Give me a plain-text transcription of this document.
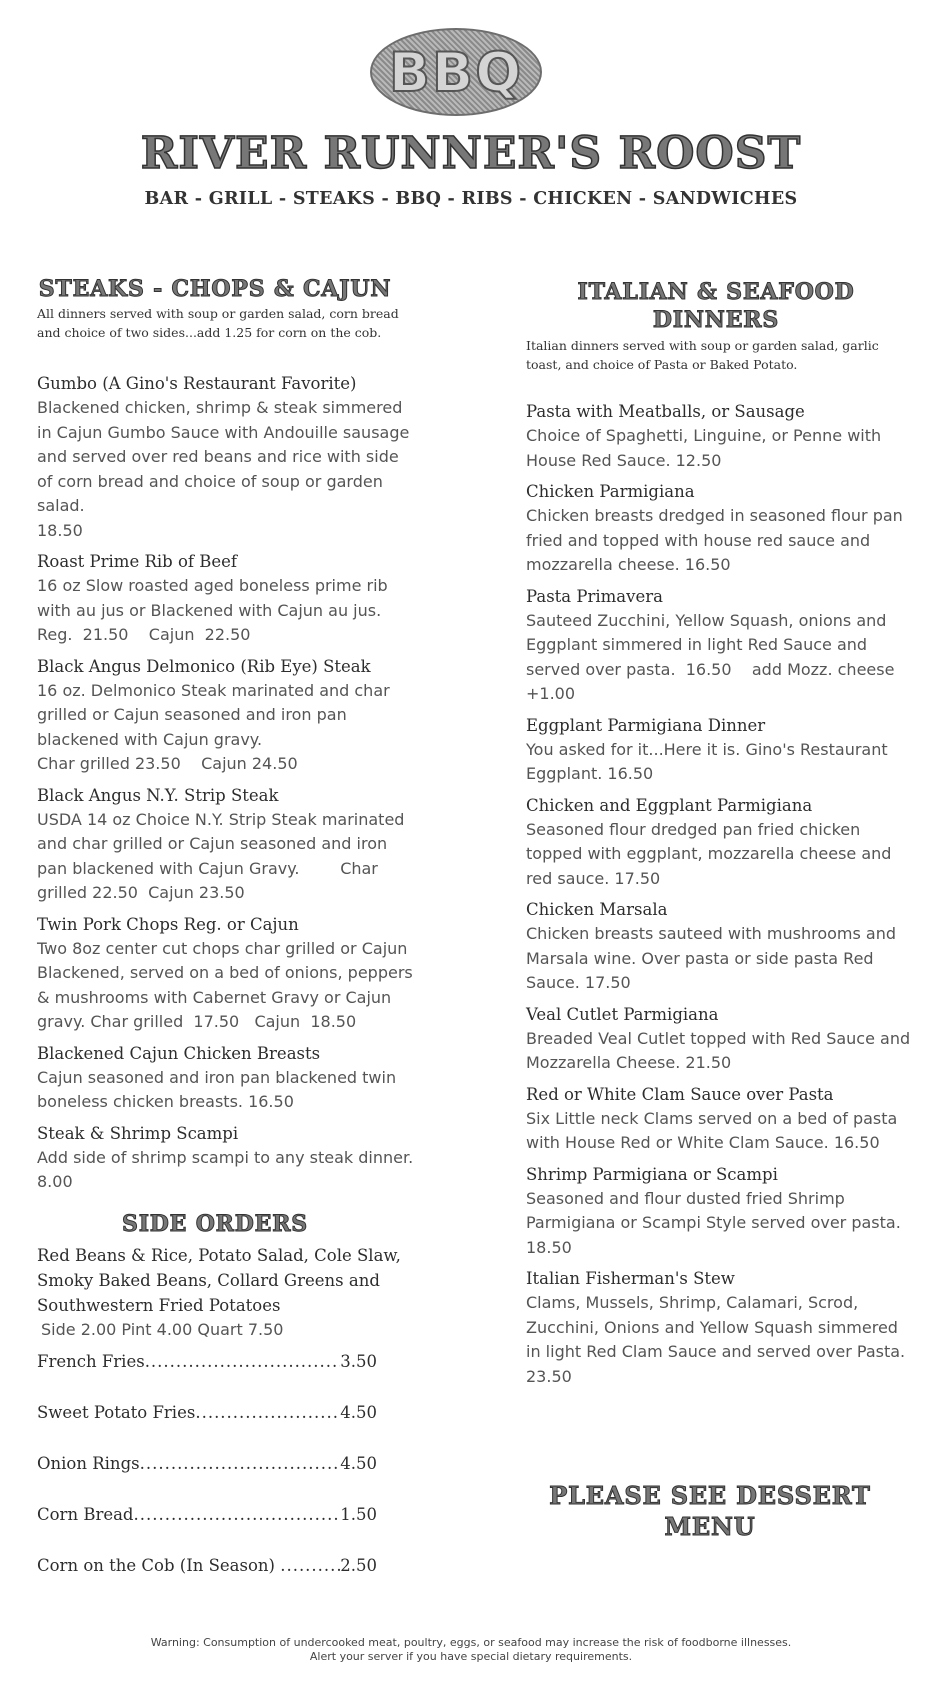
BBQ
RIVER RUNNER'S ROOST
BAR - GRILL - STEAKS - BBQ - RIBS - CHICKEN - SANDWICHES
STEAKS - CHOPS & CAJUN

All dinners served with soup or garden salad, corn bread and choice of two sides...add 1.25 for corn on the cob.

Gumbo (A Gino's Restaurant Favorite)

Blackened chicken, shrimp & steak simmered in Cajun Gumbo Sauce with Andouille sausage and served over red beans and rice with side of corn bread and choice of soup or garden salad.

18.50

Roast Prime Rib of Beef

16 oz Slow roasted aged boneless prime rib with au jus or Blackened with Cajun au jus.

Reg.  21.50    Cajun  22.50

Black Angus Delmonico (Rib Eye) Steak

16 oz. Delmonico Steak marinated and char grilled or Cajun seasoned and iron pan blackened with Cajun gravy.

Char grilled 23.50    Cajun 24.50

Black Angus N.Y. Strip Steak

USDA 14 oz Choice N.Y. Strip Steak marinated and char grilled or Cajun seasoned and iron pan blackened with Cajun Gravy.        Char grilled 22.50  Cajun 23.50

Twin Pork Chops Reg. or Cajun

Two 8oz center cut chops char grilled or Cajun Blackened, served on a bed of onions, peppers & mushrooms with Cabernet Gravy or Cajun gravy. Char grilled  17.50   Cajun  18.50

Blackened Cajun Chicken Breasts

Cajun seasoned and iron pan blackened twin boneless chicken breasts. 16.50

Steak & Shrimp Scampi

Add side of shrimp scampi to any steak dinner.

8.00

SIDE ORDERS

Red Beans & Rice, Potato Salad, Cole Slaw, Smoky Baked Beans, Collard Greens and Southwestern Fried Potatoes

Side 2.00 Pint 4.00 Quart 7.50

French Fries .....	3.50
Sweet Potato Fries .....	4.50
Onion Rings .....	4.50
Corn Bread .....	1.50
Corn on the Cob (In Season) .....	2.50
ITALIAN & SEAFOOD
DINNERS

Italian dinners served with soup or garden salad, garlic toast, and choice of Pasta or Baked Potato.

Pasta with Meatballs, or Sausage

Choice of Spaghetti, Linguine, or Penne with House Red Sauce. 12.50

Chicken Parmigiana

Chicken breasts dredged in seasoned flour pan fried and topped with house red sauce and mozzarella cheese. 16.50

Pasta Primavera

Sauteed Zucchini, Yellow Squash, onions and Eggplant simmered in light Red Sauce and served over pasta.  16.50    add Mozz. cheese +1.00

Eggplant Parmigiana Dinner

You asked for it...Here it is. Gino's Restaurant Eggplant. 16.50

Chicken and Eggplant Parmigiana

Seasoned flour dredged pan fried chicken topped with eggplant, mozzarella cheese and red sauce. 17.50

Chicken Marsala

Chicken breasts sauteed with mushrooms and Marsala wine. Over pasta or side pasta Red Sauce. 17.50

Veal Cutlet Parmigiana

Breaded Veal Cutlet topped with Red Sauce and Mozzarella Cheese. 21.50

Red or White Clam Sauce over Pasta

Six Little neck Clams served on a bed of pasta with House Red or White Clam Sauce. 16.50

Shrimp Parmigiana or Scampi

Seasoned and flour dusted fried Shrimp Parmigiana or Scampi Style served over pasta. 18.50

Italian Fisherman's Stew

Clams, Mussels, Shrimp, Calamari, Scrod, Zucchini, Onions and Yellow Squash simmered in light Red Clam Sauce and served over Pasta. 23.50

PLEASE SEE DESSERT
MENU
Warning: Consumption of undercooked meat, poultry, eggs, or seafood may increase the risk of foodborne illnesses.
Alert your server if you have special dietary requirements.
